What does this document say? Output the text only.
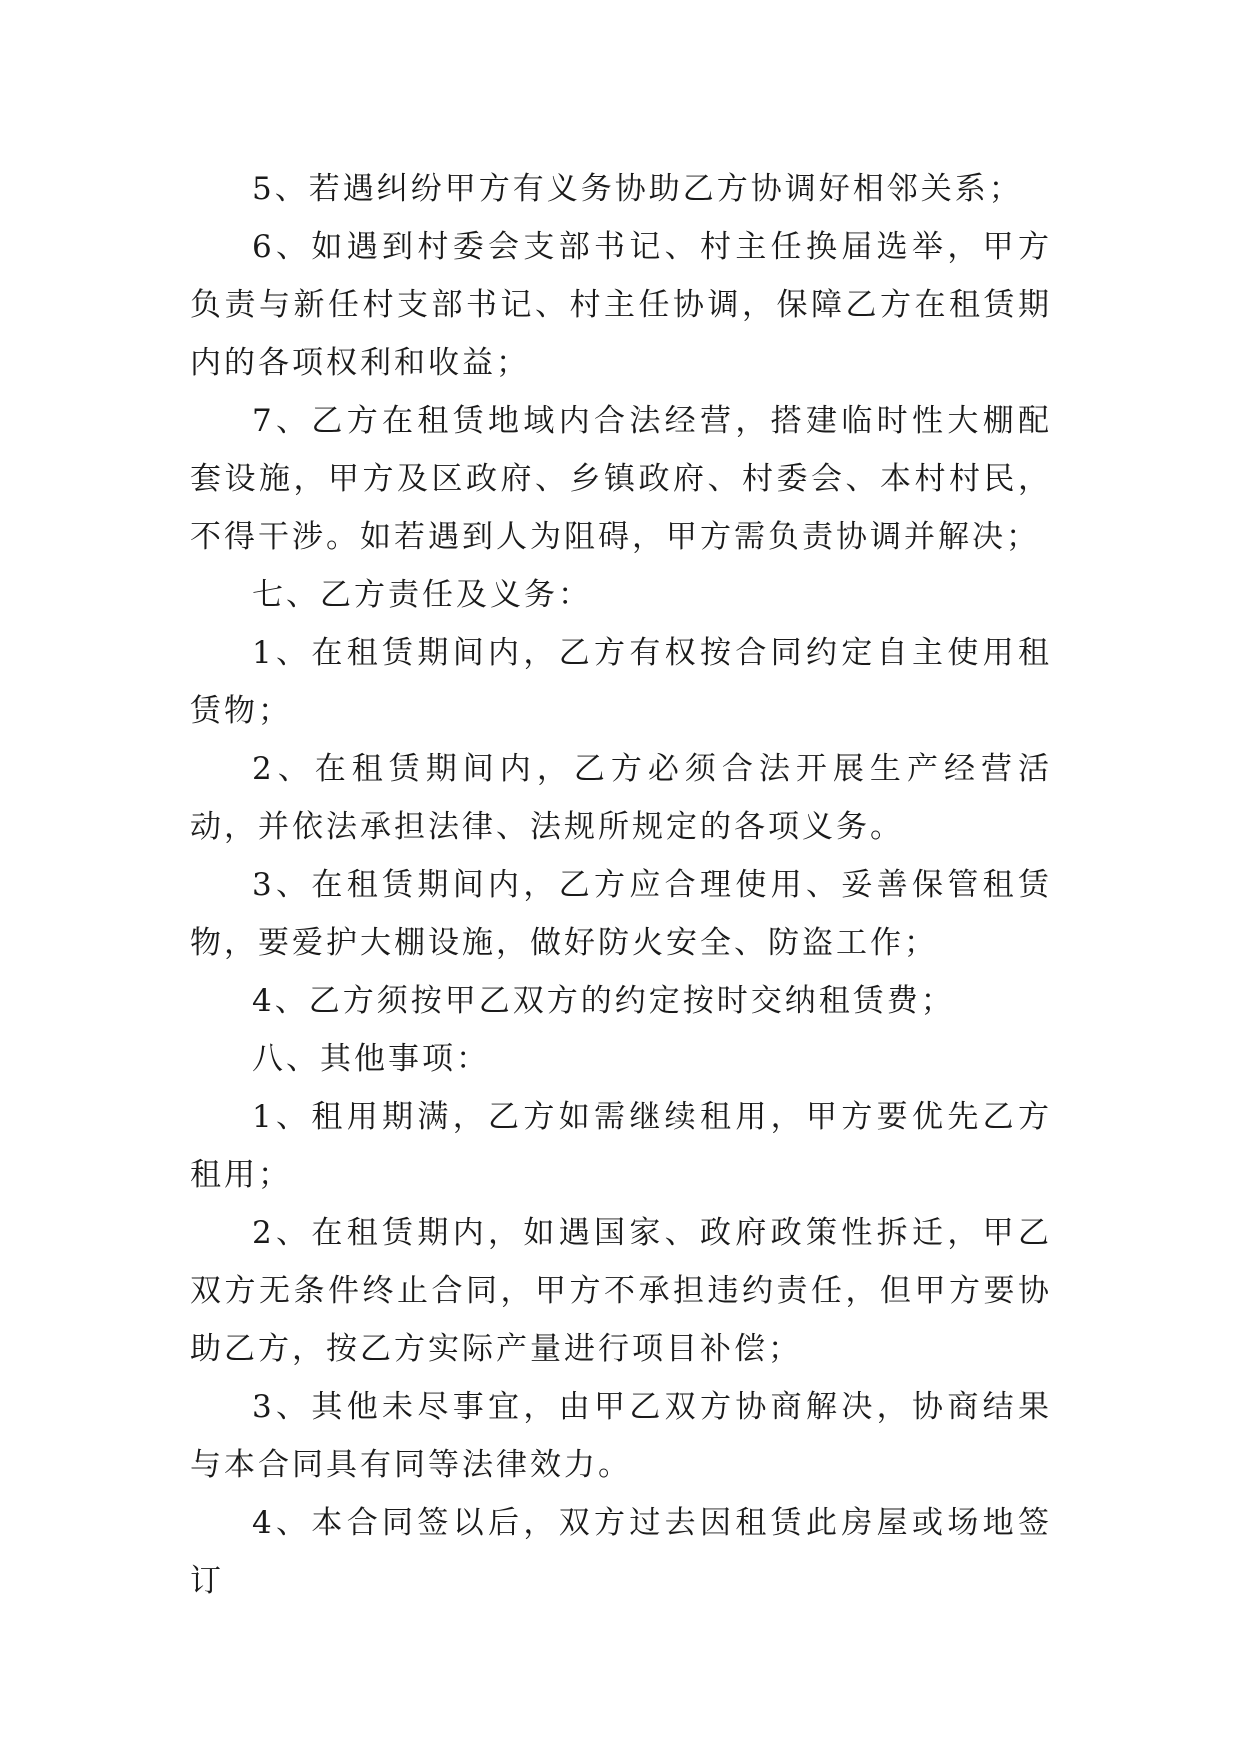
5、若遇纠纷甲方有义务协助乙方协调好相邻关系；

6、如遇到村委会支部书记、村主任换届选举，甲方负责与新任村支部书记、村主任协调，保障乙方在租赁期内的各项权利和收益；

7、乙方在租赁地域内合法经营，搭建临时性大棚配套设施，甲方及区政府、乡镇政府、村委会、本村村民，不得干涉。如若遇到人为阻碍，甲方需负责协调并解决；

七、乙方责任及义务：

1、在租赁期间内，乙方有权按合同约定自主使用租赁物；

2、在租赁期间内，乙方必须合法开展生产经营活动，并依法承担法律、法规所规定的各项义务。

3、在租赁期间内，乙方应合理使用、妥善保管租赁物，要爱护大棚设施，做好防火安全、防盗工作；

4、乙方须按甲乙双方的约定按时交纳租赁费；

八、其他事项：

1、租用期满，乙方如需继续租用，甲方要优先乙方租用；

2、在租赁期内，如遇国家、政府政策性拆迁，甲乙双方无条件终止合同，甲方不承担违约责任，但甲方要协助乙方，按乙方实际产量进行项目补偿；

3、其他未尽事宜，由甲乙双方协商解决，协商结果与本合同具有同等法律效力。

4、本合同签以后，双方过去因租赁此房屋或场地签订
